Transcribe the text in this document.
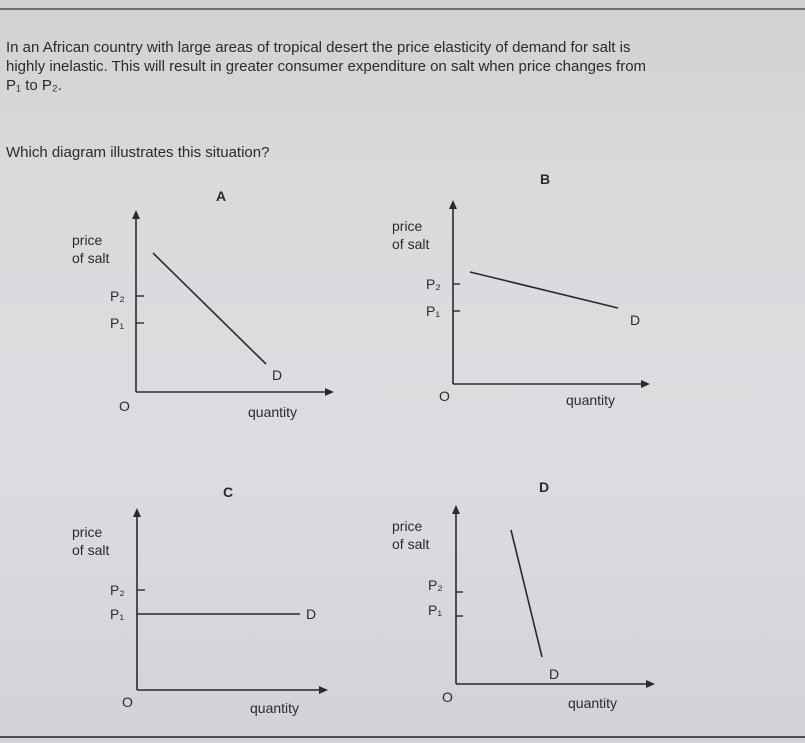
In an African country with large areas of tropical desert the price elasticity of demand for salt is
highly inelastic. This will result in greater consumer expenditure on salt when price changes from
P₁ to P₂.
Which diagram illustrates this situation?
A
price
of salt
P₂
P₁
D
O	quantity
B
price
of salt
P₂
P₁
D
O	quantity
C
price
of salt
P₂
P₁	D
O	quantity
D
price
of salt
P₂
P₁
D
O	quantity
